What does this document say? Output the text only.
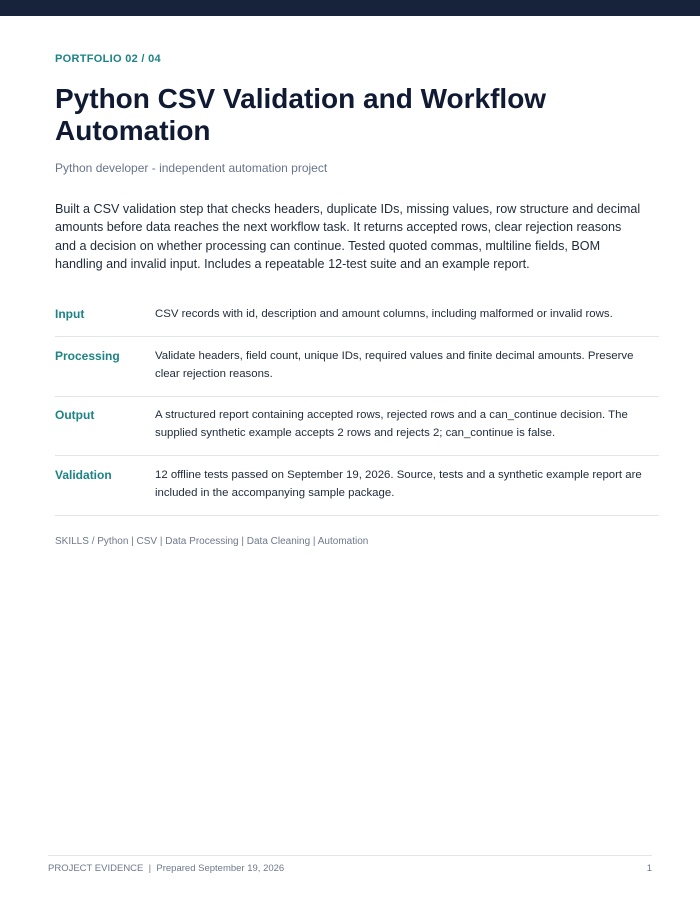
PORTFOLIO 02 / 04
Python CSV Validation and Workflow Automation
Python developer - independent automation project

Built a CSV validation step that checks headers, duplicate IDs, missing values, row structure and decimal amounts before data reaches the next workflow task. It returns accepted rows, clear rejection reasons and a decision on whether processing can continue. Tested quoted commas, multiline fields, BOM handling and invalid input. Includes a repeatable 12-test suite and an example report.

Input	CSV records with id, description and amount columns, including malformed or invalid rows.
Processing	Validate headers, field count, unique IDs, required values and finite decimal amounts. Preserve clear rejection reasons.
Output	A structured report containing accepted rows, rejected rows and a can_continue decision. The supplied synthetic example accepts 2 rows and rejects 2; can_continue is false.
Validation	12 offline tests passed on September 19, 2026. Source, tests and a synthetic example report are included in the accompanying sample package.
SKILLS / Python | CSV | Data Processing | Data Cleaning | Automation
PROJECT EVIDENCE  |  Prepared September 19, 2026	1
